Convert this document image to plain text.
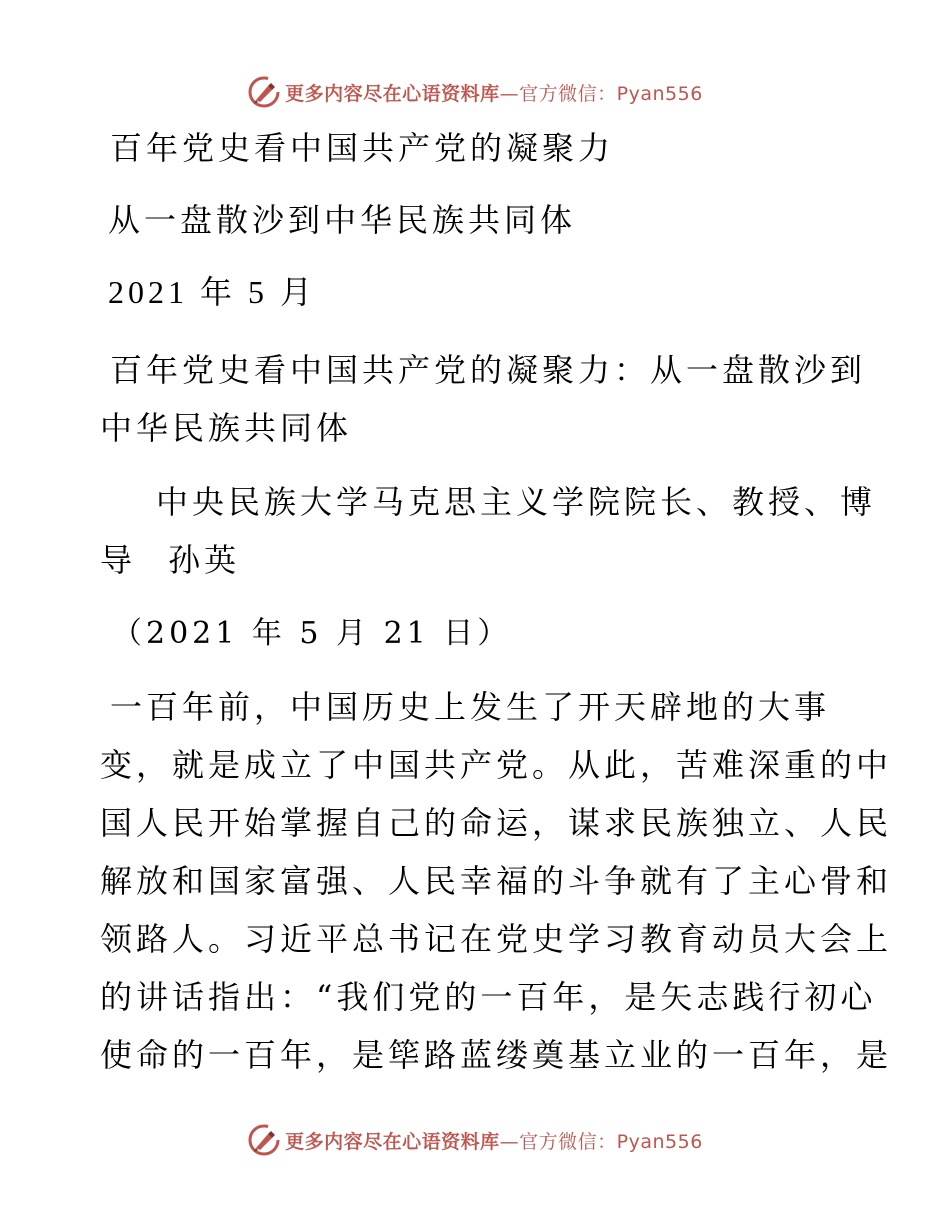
更多内容尽在心语资料库—官方微信：Pyan556
百年党史看中国共产党的凝聚力
从一盘散沙到中华民族共同体
2021 年 5 月
百年党史看中国共产党的凝聚力：从一盘散沙到
中华民族共同体
中央民族大学马克思主义学院院长、教授、博
导 孙英
（2021 年 5 月 21 日）
一百年前，中国历史上发生了开天辟地的大事
变，就是成立了中国共产党。从此，苦难深重的中
国人民开始掌握自己的命运，谋求民族独立、人民
解放和国家富强、人民幸福的斗争就有了主心骨和
领路人。习近平总书记在党史学习教育动员大会上
的讲话指出：“我们党的一百年，是矢志践行初心
使命的一百年，是筚路蓝缕奠基立业的一百年，是
更多内容尽在心语资料库—官方微信：Pyan556
